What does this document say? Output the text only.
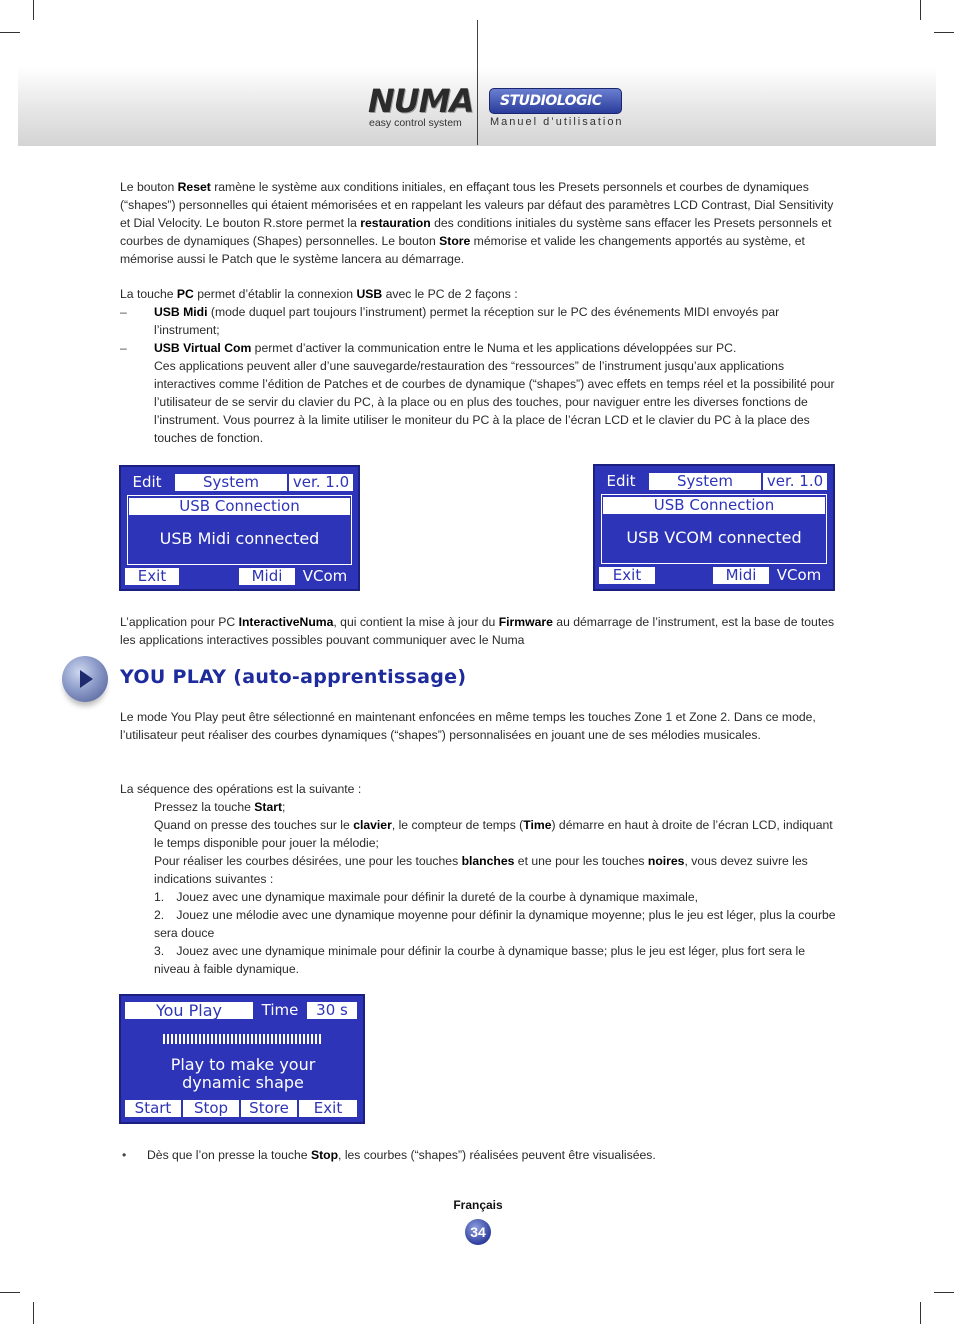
NUMA
easy control system
STUDIOLOGIC
Manuel d’utilisation
Le bouton Reset ramène le système aux conditions initiales, en effaçant tous les Presets personnels et courbes de dynamiques (“shapes”) personnelles qui étaient mémorisées et en rappelant les valeurs par défaut des paramètres LCD Contrast, Dial Sensitivity et Dial Velocity. Le bouton R.store permet la restauration des conditions initiales du système sans effacer les Presets personnels et courbes de dynamiques (Shapes) personnelles. Le bouton Store mémorise et valide les changements apportés au système, et mémorise aussi le Patch que le système lancera au démarrage.
La touche PC permet d’établir la connexion USB avec le PC de 2 façons :
– USB Midi (mode duquel part toujours l’instrument) permet la réception sur le PC des événements MIDI envoyés par l’instrument;
– USB Virtual Com permet d’activer la communication entre le Numa et les applications développées sur PC.
Ces applications peuvent aller d’une sauvegarde/restauration des “ressources” de l’instrument jusqu’aux applications interactives comme l’édition de Patches et de courbes de dynamique (“shapes”) avec effets en temps réel et la possibilité pour l’utilisateur de se servir du clavier du PC, à la place ou en plus des touches, pour naviguer entre les diverses fonctions de l’instrument. Vous pourrez à la limite utiliser le moniteur du PC à la place de l’écran LCD et le clavier du PC à la place des touches de fonction.
Edit	System	ver. 1.0
USB Connection
USB Midi connected
Exit	Midi	VCom
Edit	System	ver. 1.0
USB Connection
USB VCOM connected
Exit	Midi	VCom
L’application pour PC InteractiveNuma, qui contient la mise à jour du Firmware au démarrage de l’instrument, est la base de toutes les applications interactives possibles pouvant communiquer avec le Numa
YOU PLAY (auto-apprentissage)
Le mode You Play peut être sélectionné en maintenant enfoncées en même temps les touches Zone 1 et Zone 2. Dans ce mode, l’utilisateur peut réaliser des courbes dynamiques (“shapes”) personnalisées en jouant une de ses mélodies musicales.
La séquence des opérations est la suivante :
Pressez la touche Start;
Quand on presse des touches sur le clavier, le compteur de temps (Time) démarre en haut à droite de l’écran LCD, indiquant le temps disponible pour jouer la mélodie;
Pour réaliser les courbes désirées, une pour les touches blanches et une pour les touches noires, vous devez suivre les indications suivantes :
1.  Jouez avec une dynamique maximale pour définir la dureté de la courbe à dynamique maximale,
2.  Jouez une mélodie avec une dynamique moyenne pour définir la dynamique moyenne; plus le jeu est léger, plus la courbe sera douce
3.  Jouez avec une dynamique minimale pour définir la courbe à dynamique basse; plus le jeu est léger, plus fort sera le niveau à faible dynamique.
You Play	Time	30 s
Play to make your
dynamic shape
Start	Stop	Store	Exit
• Dès que l’on presse la touche Stop, les courbes (“shapes”) réalisées peuvent être visualisées.
Français
34
